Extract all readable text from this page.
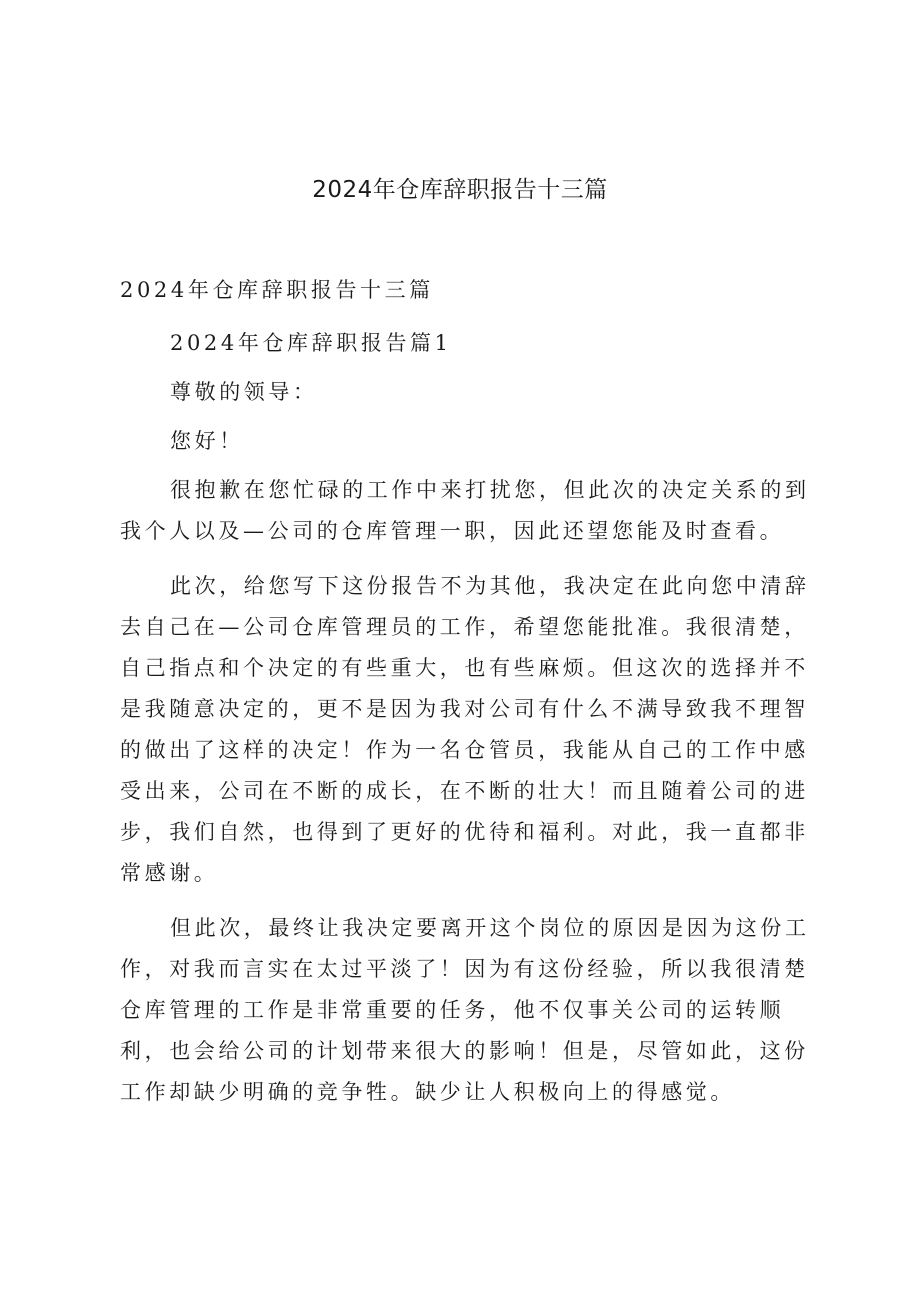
2024年仓库辞职报告十三篇

2024年仓库辞职报告十三篇

2024年仓库辞职报告篇1

尊敬的领导：

您好！

很抱歉在您忙碌的工作中来打扰您，但此次的决定关系的到我个人以及—公司的仓库管理一职，因此还望您能及时查看。

此次，给您写下这份报告不为其他，我决定在此向您中清辞去自己在—公司仓库管理员的工作，希望您能批准。我很清楚，自己指点和个决定的有些重大，也有些麻烦。但这次的选择并不是我随意决定的，更不是因为我对公司有什么不满导致我不理智的做出了这样的决定！作为一名仓管员，我能从自己的工作中感受出来，公司在不断的成长，在不断的壮大！而且随着公司的进步，我们自然，也得到了更好的优待和福利。对此，我一直都非常感谢。

但此次，最终让我决定要离开这个岗位的原因是因为这份工作，对我而言实在太过平淡了！因为有这份经验，所以我很清楚仓库管理的工作是非常重要的任务，他不仅事关公司的运转顺利，也会给公司的计划带来很大的影响！但是，尽管如此，这份工作却缺少明确的竞争牲。缺少让人积极向上的得感觉。
